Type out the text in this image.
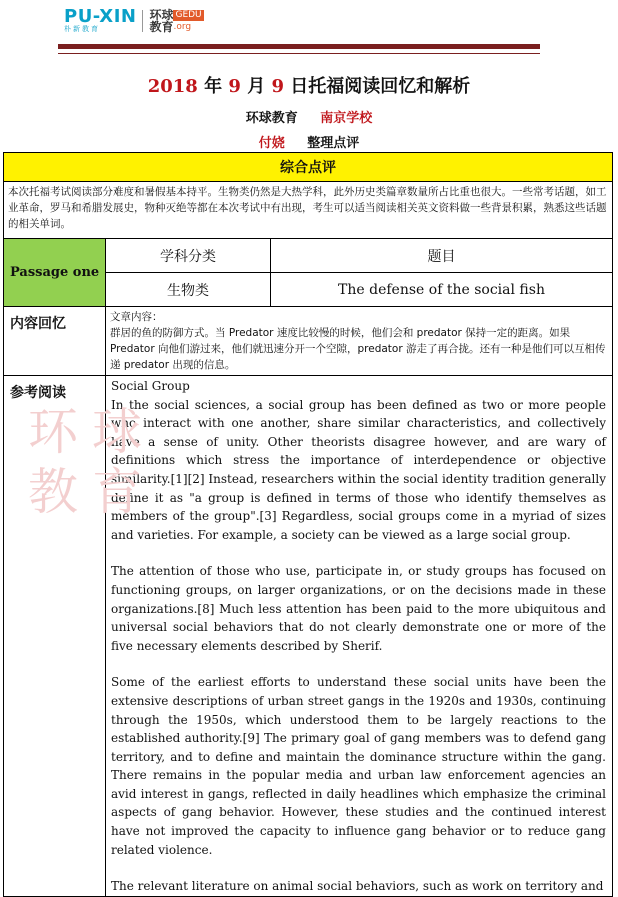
PU-XIN
朴新教育
环球 GEDU
教育 .org
2018 年 9 月 9 日托福阅读回忆和解析
环球教育 南京学校
付娆 整理点评
综合点评		
本次托福考试阅读部分难度和暑假基本持平。生物类仍然是大热学科，此外历史类篇章数量所占比重也很大。一些常考话题，如工业革命，罗马和希腊发展史，物种灭绝等都在本次考试中有出现，考生可以适当阅读相关英文资料做一些背景积累，熟悉这些话题的相关单词。		
Passage one	学科分类	题目
	生物类	The defense of the social fish
内容回忆	文章内容：
群居的鱼的防御方式。当 Predator 速度比较慢的时候，他们会和 predator 保持一定的距离。如果 Predator 向他们游过来，他们就迅速分开一个空隙，predator 游走了再合拢。还有一种是他们可以互相传递 predator 出现的信息。	

参考阅读	Social Group

In the social sciences, a social group has been defined as two or more people who interact with one another, share similar characteristics, and collectively have a sense of unity. Other theorists disagree however, and are wary of definitions which stress the importance of interdependence or objective similarity.[1][2] Instead, researchers within the social identity tradition generally define it as "a group is defined in terms of those who identify themselves as members of the group".[3] Regardless, social groups come in a myriad of sizes and varieties. For example, a society can be viewed as a large social group.

The attention of those who use, participate in, or study groups has focused on functioning groups, on larger organizations, or on the decisions made in these organizations.[8] Much less attention has been paid to the more ubiquitous and universal social behaviors that do not clearly demonstrate one or more of the five necessary elements described by Sherif.

Some of the earliest efforts to understand these social units have been the extensive descriptions of urban street gangs in the 1920s and 1930s, continuing through the 1950s, which understood them to be largely reactions to the established authority.[9] The primary goal of gang members was to defend gang territory, and to define and maintain the dominance structure within the gang. There remains in the popular media and urban law enforcement agencies an avid interest in gangs, reflected in daily headlines which emphasize the criminal aspects of gang behavior. However, these studies and the continued interest have not improved the capacity to influence gang behavior or to reduce gang related violence.

The relevant literature on animal social behaviors, such as work on territory and	

环球
教育
